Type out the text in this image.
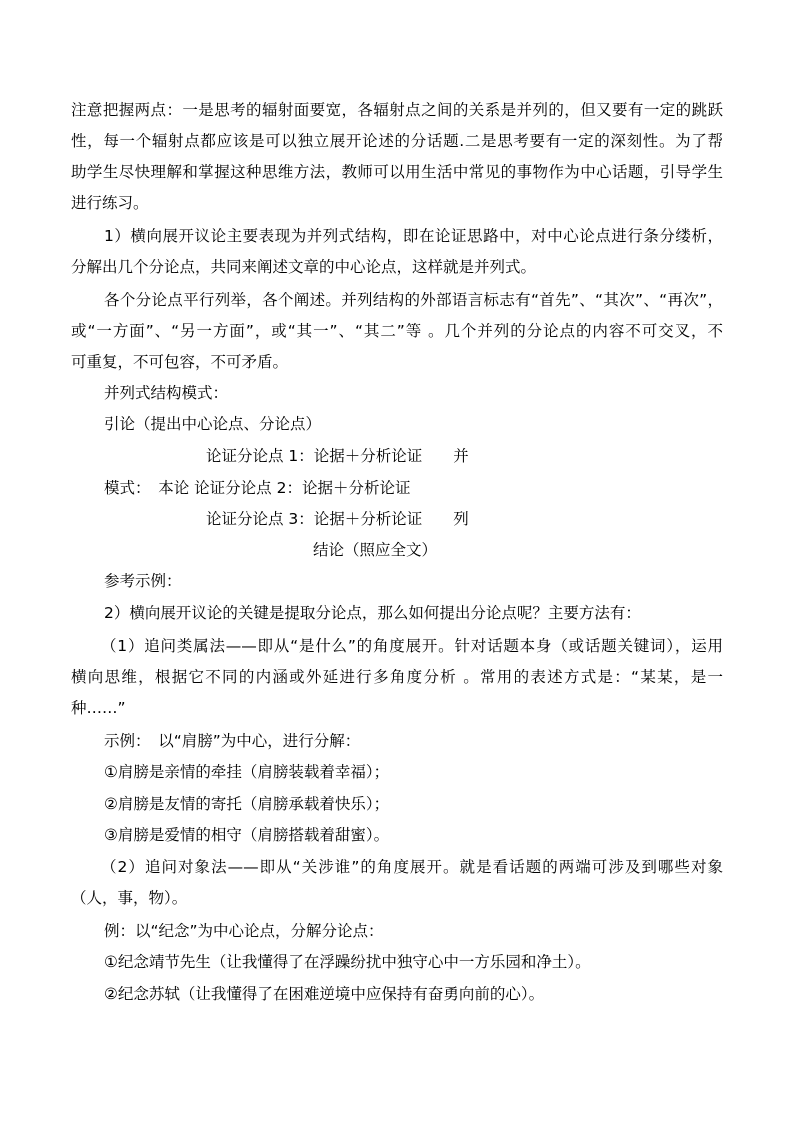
注意把握两点：一是思考的辐射面要宽，各辐射点之间的关系是并列的，但又要有一定的跳跃
性，每一个辐射点都应该是可以独立展开论述的分话题.二是思考要有一定的深刻性。为了帮
助学生尽快理解和掌握这种思维方法，教师可以用生活中常见的事物作为中心话题，引导学生
进行练习。
1）横向展开议论主要表现为并列式结构，即在论证思路中，对中心论点进行条分缕析，
分解出几个分论点，共同来阐述文章的中心论点，这样就是并列式。
各个分论点平行列举，各个阐述。并列结构的外部语言标志有“首先”、“其次”、“再次”，
或“一方面”、“另一方面”，或“其一”、“其二”等 。几个并列的分论点的内容不可交叉，不
可重复，不可包容，不可矛盾。
并列式结构模式：
引论（提出中心论点、分论点）
论证分论点 1：论据＋分析论证　　并
模式：　本论 论证分论点 2：论据＋分析论证
论证分论点 3：论据＋分析论证　　列
结论（照应全文）
参考示例：
2）横向展开议论的关键是提取分论点，那么如何提出分论点呢？主要方法有：
（1）追问类属法——即从“是什么”的角度展开。针对话题本身（或话题关键词），运用
横向思维，根据它不同的内涵或外延进行多角度分析 。常用的表述方式是：“某某，是一
种……”
示例：　以“肩膀”为中心，进行分解：
①肩膀是亲情的牵挂（肩膀装载着幸福）；
②肩膀是友情的寄托（肩膀承载着快乐）；
③肩膀是爱情的相守（肩膀搭载着甜蜜）。
（2）追问对象法——即从“关涉谁”的角度展开。就是看话题的两端可涉及到哪些对象
（人，事，物）。
例：以“纪念”为中心论点，分解分论点：
①纪念靖节先生（让我懂得了在浮躁纷扰中独守心中一方乐园和净土）。
②纪念苏轼（让我懂得了在困难逆境中应保持有奋勇向前的心）。
